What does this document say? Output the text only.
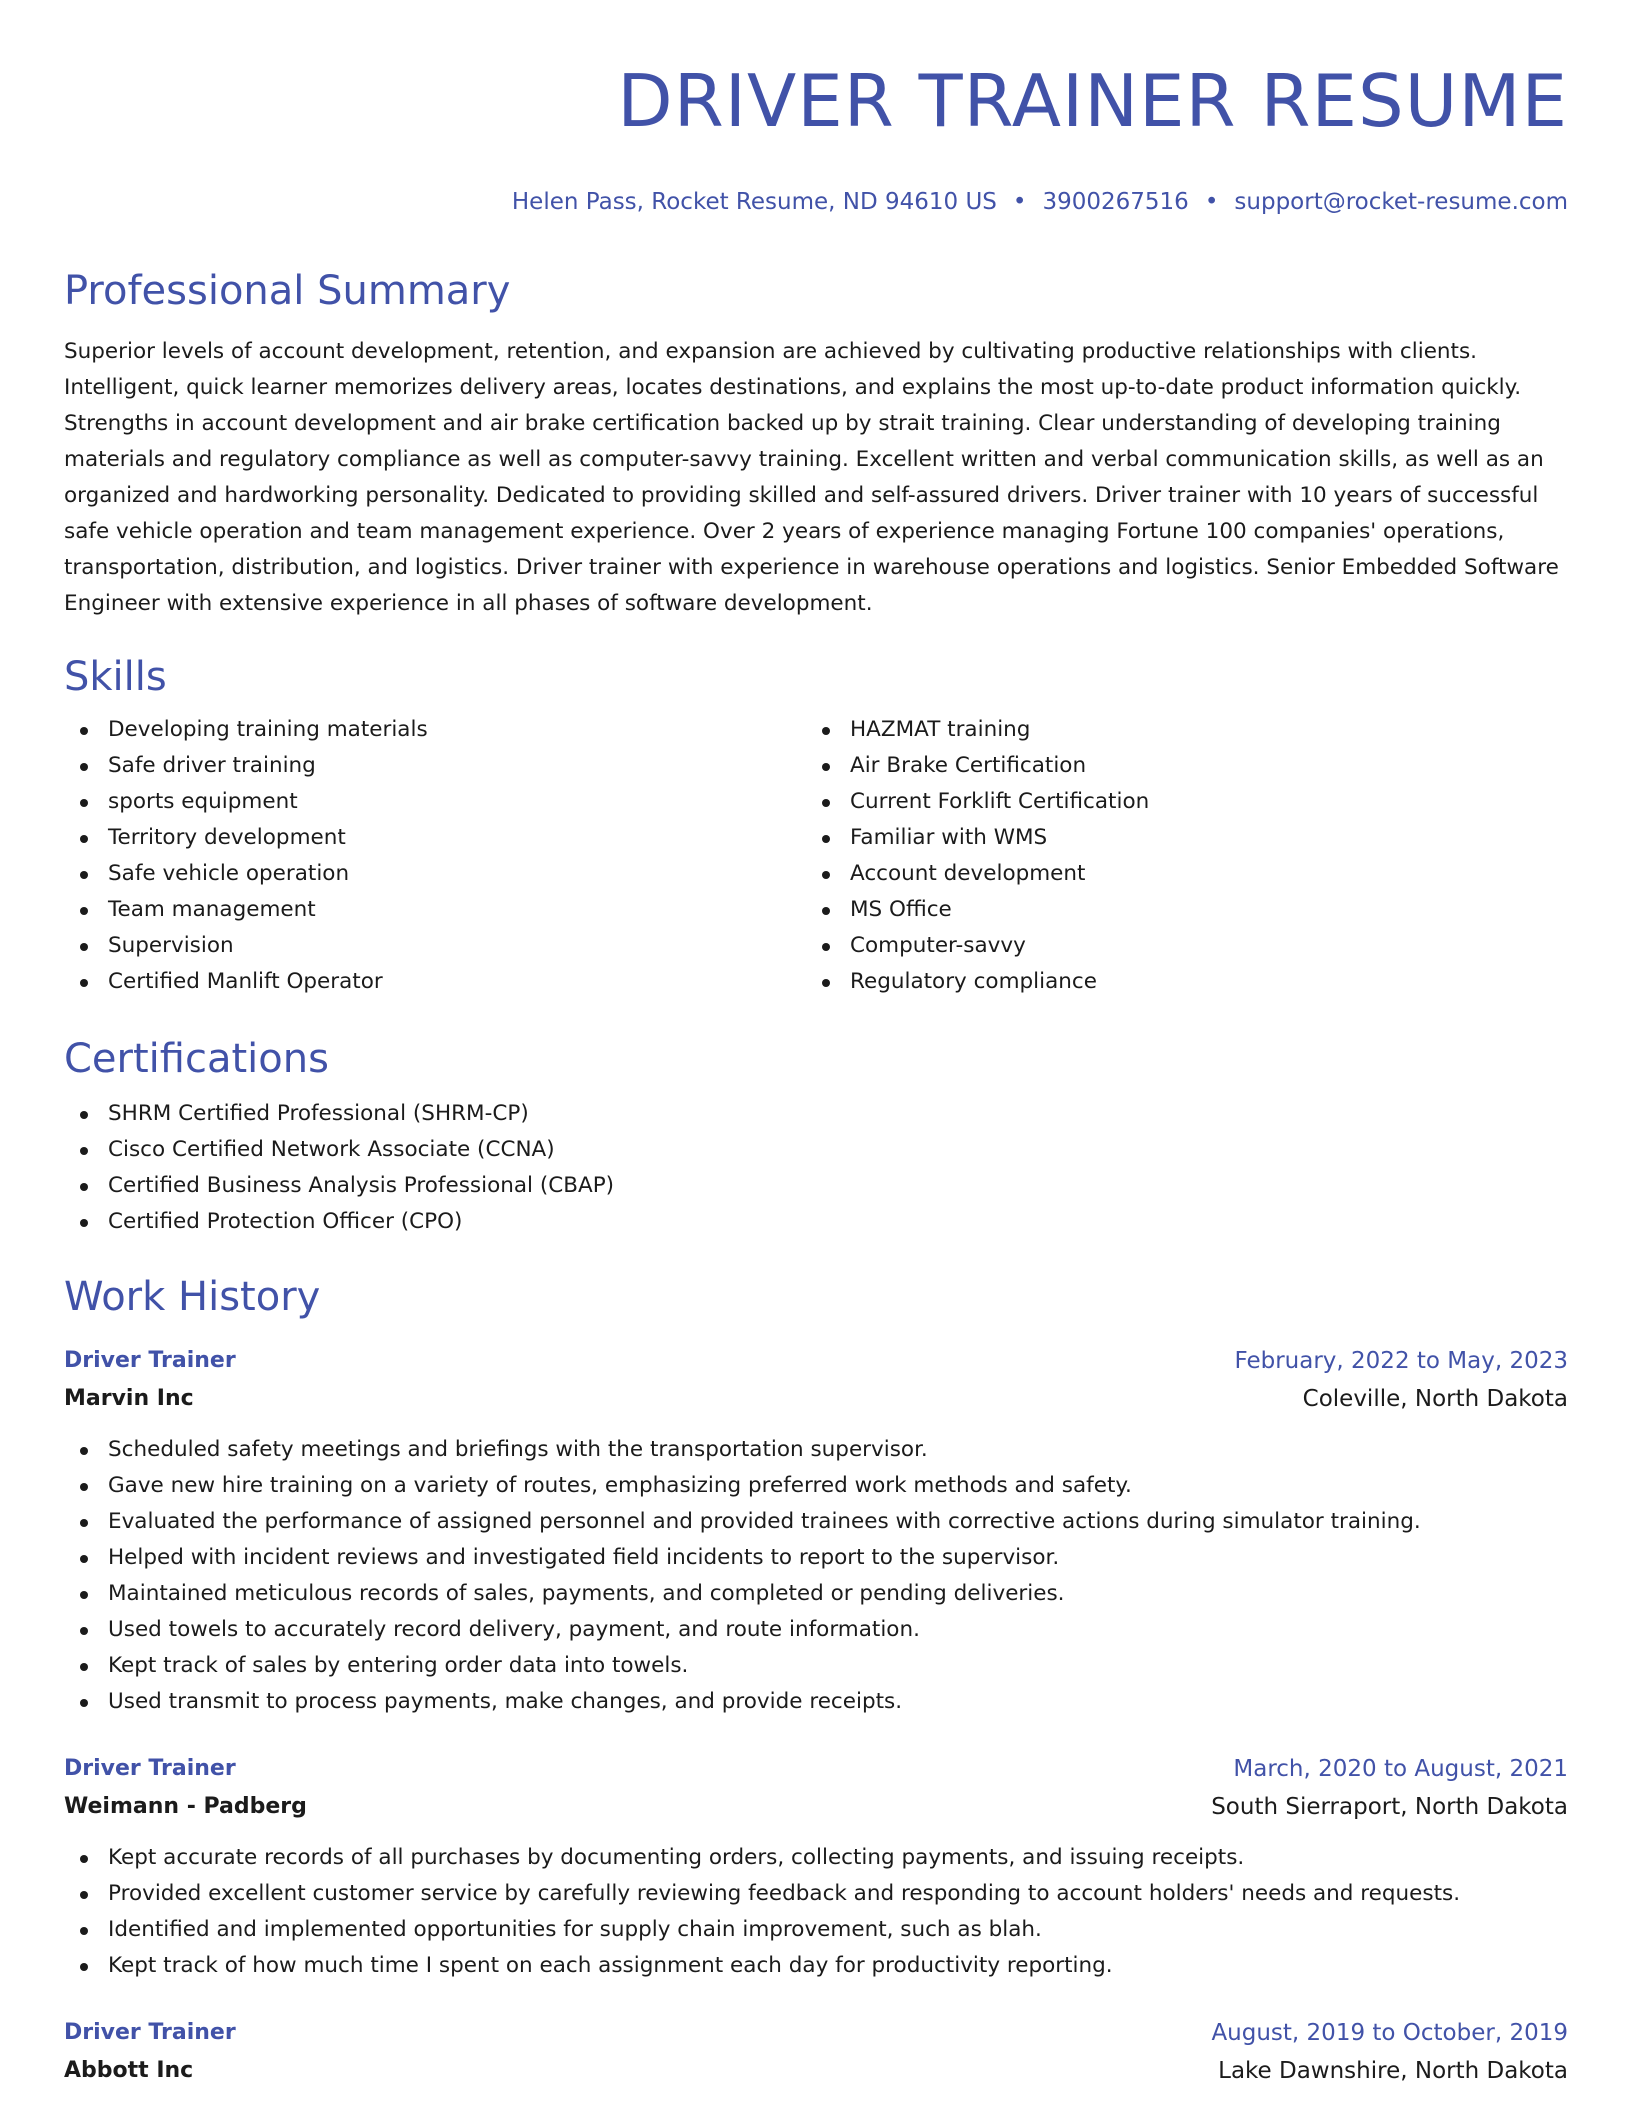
DRIVER TRAINER RESUME
Helen Pass, Rocket Resume, ND 94610 US • 3900267516 • support@rocket-resume.com
Professional Summary

Superior levels of account development, retention, and expansion are achieved by cultivating productive relationships with clients. Intelligent, quick learner memorizes delivery areas, locates destinations, and explains the most up-to-date product information quickly. Strengths in account development and air brake certification backed up by strait training. Clear understanding of developing training materials and regulatory compliance as well as computer-savvy training. Excellent written and verbal communication skills, as well as an organized and hardworking personality. Dedicated to providing skilled and self-assured drivers. Driver trainer with 10 years of successful safe vehicle operation and team management experience. Over 2 years of experience managing Fortune 100 companies' operations, transportation, distribution, and logistics. Driver trainer with experience in warehouse operations and logistics. Senior Embedded Software Engineer with extensive experience in all phases of software development.

Skills
Developing training materials
Safe driver training
sports equipment
Territory development
Safe vehicle operation
Team management
Supervision
Certified Manlift Operator
HAZMAT training
Air Brake Certification
Current Forklift Certification
Familiar with WMS
Account development
MS Office
Computer-savvy
Regulatory compliance
Certifications
SHRM Certified Professional (SHRM-CP)
Cisco Certified Network Associate (CCNA)
Certified Business Analysis Professional (CBAP)
Certified Protection Officer (CPO)
Work History
Driver Trainer	February, 2022 to May, 2023
Marvin Inc	Coleville, North Dakota
Scheduled safety meetings and briefings with the transportation supervisor.
Gave new hire training on a variety of routes, emphasizing preferred work methods and safety.
Evaluated the performance of assigned personnel and provided trainees with corrective actions during simulator training.
Helped with incident reviews and investigated field incidents to report to the supervisor.
Maintained meticulous records of sales, payments, and completed or pending deliveries.
Used towels to accurately record delivery, payment, and route information.
Kept track of sales by entering order data into towels.
Used transmit to process payments, make changes, and provide receipts.
Driver Trainer	March, 2020 to August, 2021
Weimann - Padberg	South Sierraport, North Dakota
Kept accurate records of all purchases by documenting orders, collecting payments, and issuing receipts.
Provided excellent customer service by carefully reviewing feedback and responding to account holders' needs and requests.
Identified and implemented opportunities for supply chain improvement, such as blah.
Kept track of how much time I spent on each assignment each day for productivity reporting.
Driver Trainer	August, 2019 to October, 2019
Abbott Inc	Lake Dawnshire, North Dakota
